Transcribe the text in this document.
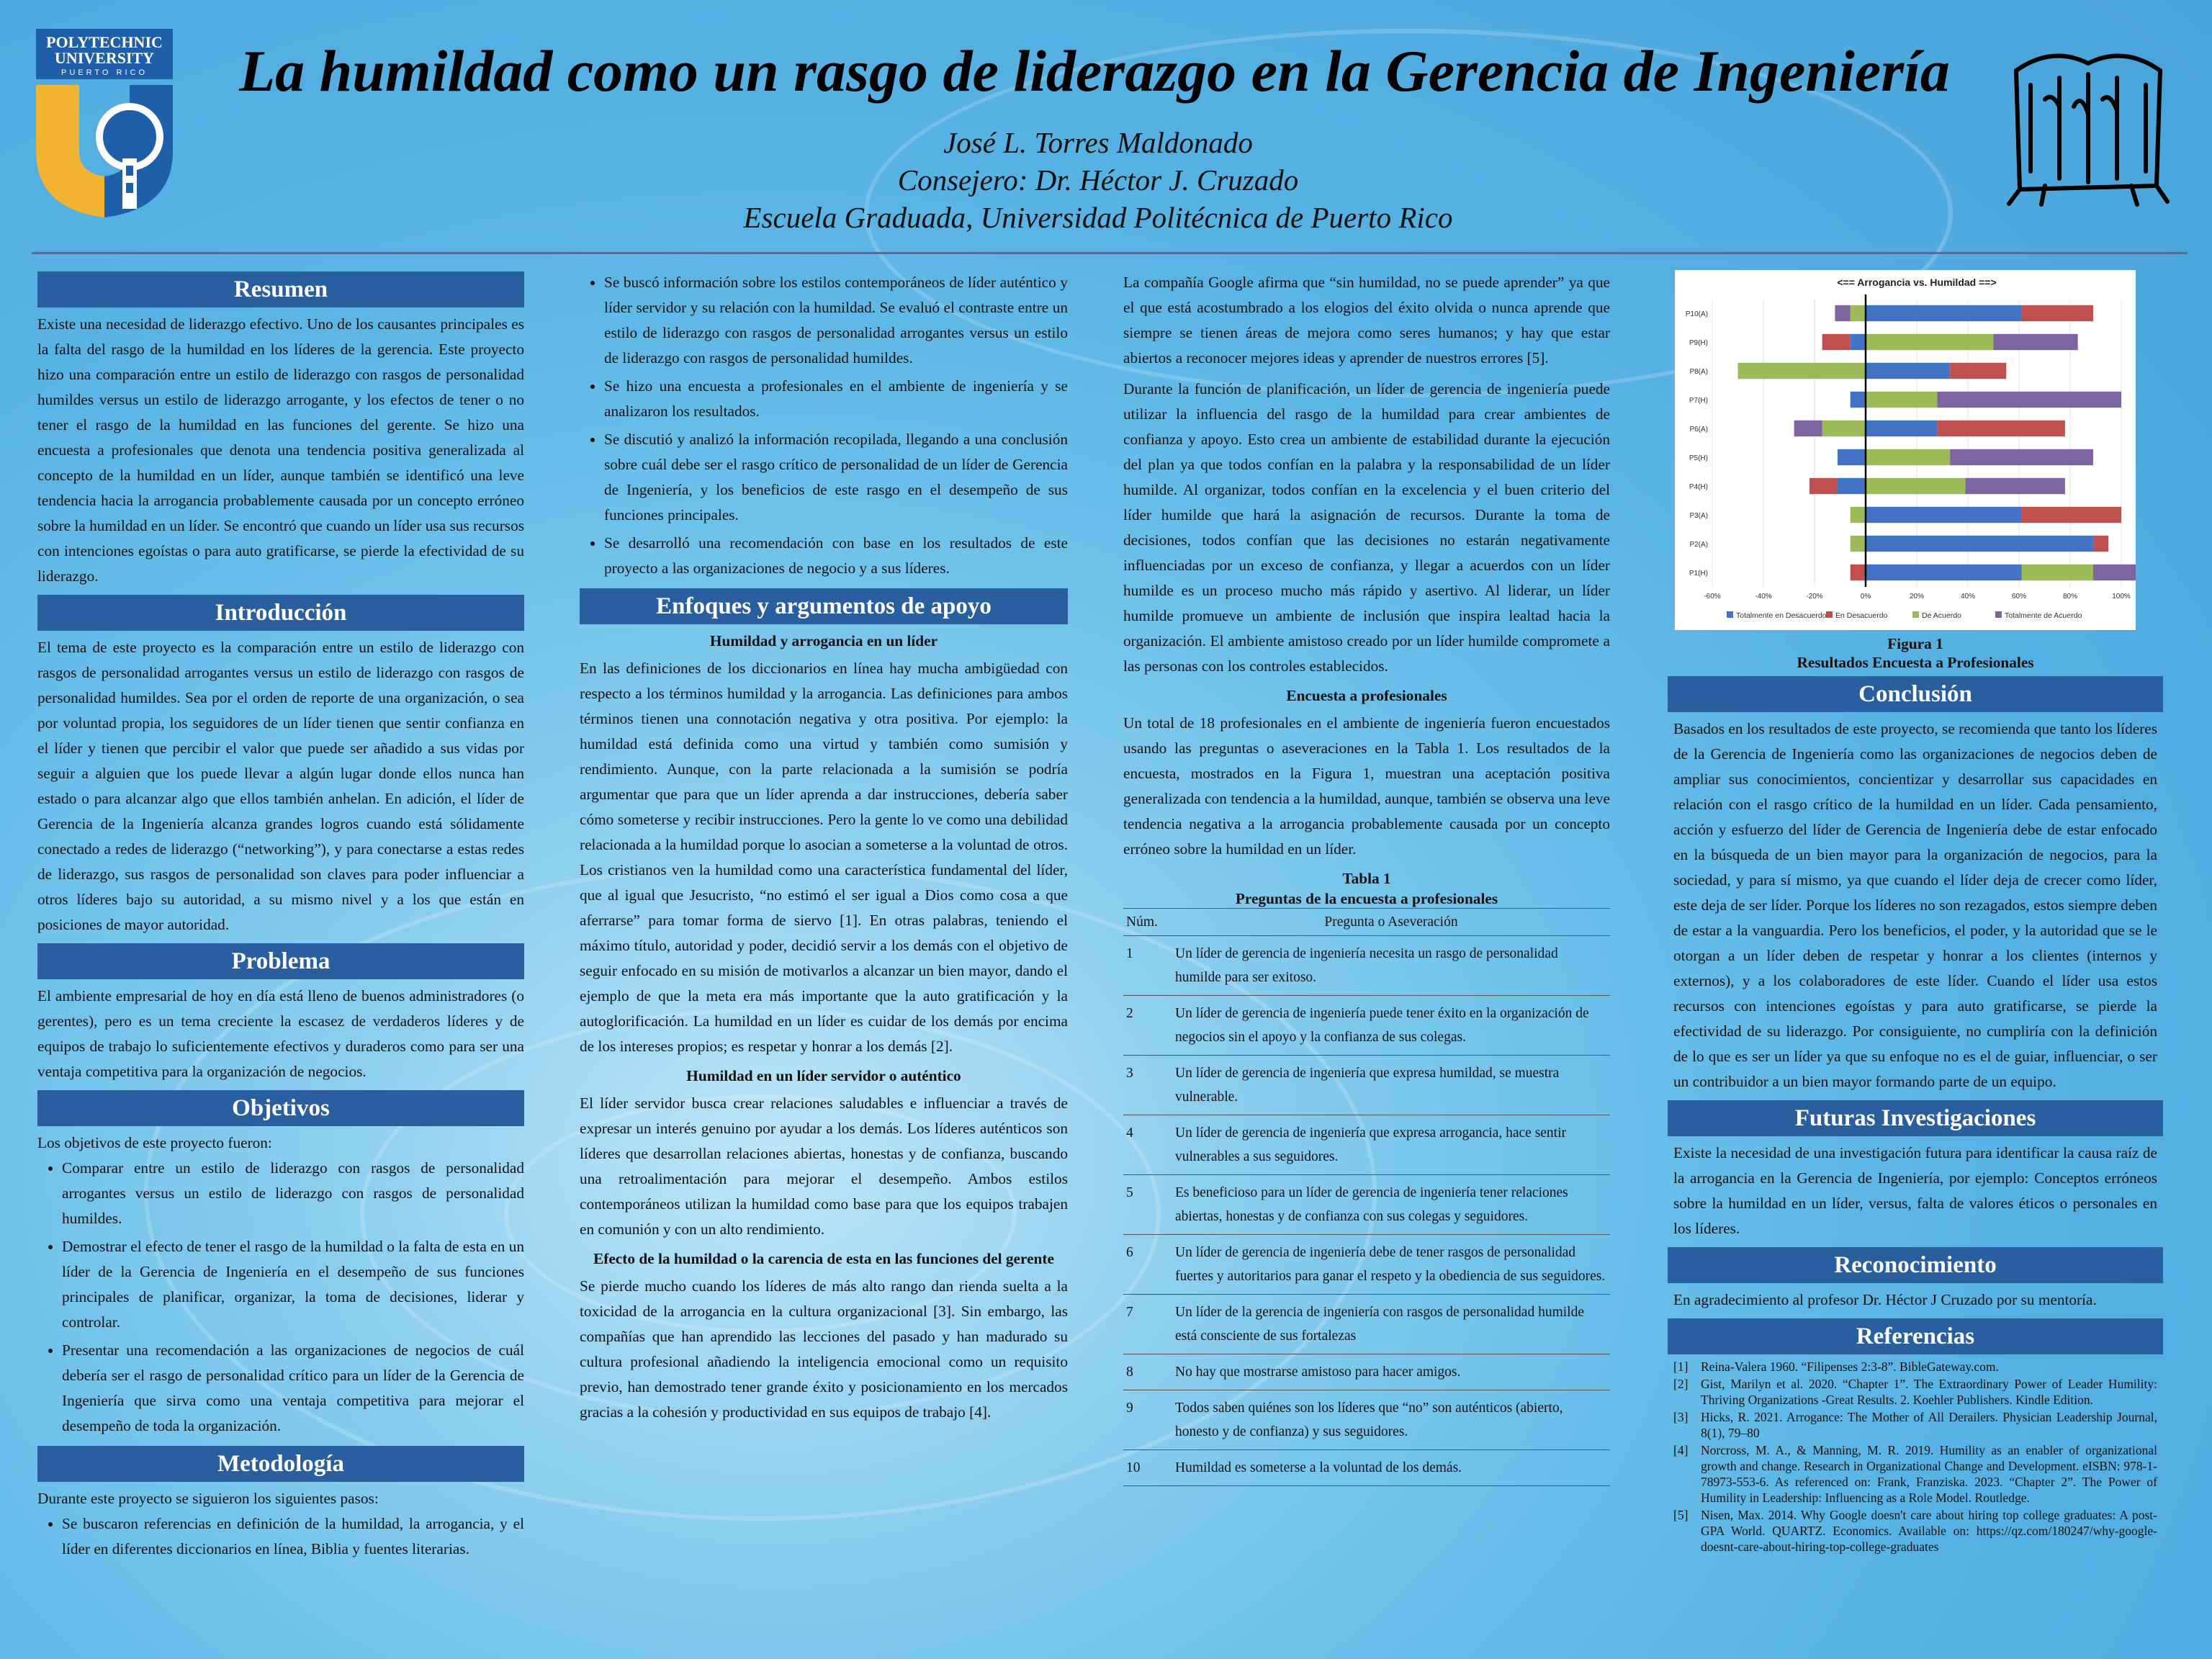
POLYTECHNIC
UNIVERSITY
PUERTO RICO	La humildad como un rasgo de liderazgo en la Gerencia de Ingeniería
José L. Torres Maldonado
Consejero: Dr. Héctor J. Cruzado
Escuela Graduada, Universidad Politécnica de Puerto Rico
Resumen

Existe una necesidad de liderazgo efectivo. Uno de los causantes principales es la falta del rasgo de la humildad en los líderes de la gerencia. Este proyecto hizo una comparación entre un estilo de liderazgo con rasgos de personalidad humildes versus un estilo de liderazgo arrogante, y los efectos de tener o no tener el rasgo de la humildad en las funciones del gerente. Se hizo una encuesta a profesionales que denota una tendencia positiva generalizada al concepto de la humildad en un líder, aunque también se identificó una leve tendencia hacia la arrogancia probablemente causada por un concepto erróneo sobre la humildad en un líder. Se encontró que cuando un líder usa sus recursos con intenciones egoístas o para auto gratificarse, se pierde la efectividad de su liderazgo.

Introducción

El tema de este proyecto es la comparación entre un estilo de liderazgo con rasgos de personalidad arrogantes versus un estilo de liderazgo con rasgos de personalidad humildes. Sea por el orden de reporte de una organización, o sea por voluntad propia, los seguidores de un líder tienen que sentir confianza en el líder y tienen que percibir el valor que puede ser añadido a sus vidas por seguir a alguien que los puede llevar a algún lugar donde ellos nunca han estado o para alcanzar algo que ellos también anhelan. En adición, el líder de Gerencia de la Ingeniería alcanza grandes logros cuando está sólidamente conectado a redes de liderazgo (“networking”), y para conectarse a estas redes de liderazgo, sus rasgos de personalidad son claves para poder influenciar a otros líderes bajo su autoridad, a su mismo nivel y a los que están en posiciones de mayor autoridad.

Problema

El ambiente empresarial de hoy en día está lleno de buenos administradores (o gerentes), pero es un tema creciente la escasez de verdaderos líderes y de equipos de trabajo lo suficientemente efectivos y duraderos como para ser una ventaja competitiva para la organización de negocios.

Objetivos

Los objetivos de este proyecto fueron:

• Comparar entre un estilo de liderazgo con rasgos de personalidad arrogantes versus un estilo de liderazgo con rasgos de personalidad humildes.
• Demostrar el efecto de tener el rasgo de la humildad o la falta de esta en un líder de la Gerencia de Ingeniería en el desempeño de sus funciones principales de planificar, organizar, la toma de decisiones, liderar y controlar.
• Presentar una recomendación a las organizaciones de negocios de cuál debería ser el rasgo de personalidad crítico para un líder de la Gerencia de Ingeniería que sirva como una ventaja competitiva para mejorar el desempeño de toda la organización.
Metodología

Durante este proyecto se siguieron los siguientes pasos:

• Se buscaron referencias en definición de la humildad, la arrogancia, y el líder en diferentes diccionarios en línea, Biblia y fuentes literarias.
• Se buscó información sobre los estilos contemporáneos de líder auténtico y líder servidor y su relación con la humildad. Se evaluó el contraste entre un estilo de liderazgo con rasgos de personalidad arrogantes versus un estilo de liderazgo con rasgos de personalidad humildes.
• Se hizo una encuesta a profesionales en el ambiente de ingeniería y se analizaron los resultados.
• Se discutió y analizó la información recopilada, llegando a una conclusión sobre cuál debe ser el rasgo crítico de personalidad de un líder de Gerencia de Ingeniería, y los beneficios de este rasgo en el desempeño de sus funciones principales.
• Se desarrolló una recomendación con base en los resultados de este proyecto a las organizaciones de negocio y a sus líderes.
Enfoques y argumentos de apoyo
Humildad y arrogancia en un líder

En las definiciones de los diccionarios en línea hay mucha ambigüedad con respecto a los términos humildad y la arrogancia. Las definiciones para ambos términos tienen una connotación negativa y otra positiva. Por ejemplo: la humildad está definida como una virtud y también como sumisión y rendimiento. Aunque, con la parte relacionada a la sumisión se podría argumentar que para que un líder aprenda a dar instrucciones, debería saber cómo someterse y recibir instrucciones. Pero la gente lo ve como una debilidad relacionada a la humildad porque lo asocian a someterse a la voluntad de otros. Los cristianos ven la humildad como una característica fundamental del líder, que al igual que Jesucristo, “no estimó el ser igual a Dios como cosa a que aferrarse” para tomar forma de siervo [1]. En otras palabras, teniendo el máximo título, autoridad y poder, decidió servir a los demás con el objetivo de seguir enfocado en su misión de motivarlos a alcanzar un bien mayor, dando el ejemplo de que la meta era más importante que la auto gratificación y la autoglorificación. La humildad en un líder es cuidar de los demás por encima de los intereses propios; es respetar y honrar a los demás [2].

Humildad en un líder servidor o auténtico

El líder servidor busca crear relaciones saludables e influenciar a través de expresar un interés genuino por ayudar a los demás. Los líderes auténticos son líderes que desarrollan relaciones abiertas, honestas y de confianza, buscando una retroalimentación para mejorar el desempeño. Ambos estilos contemporáneos utilizan la humildad como base para que los equipos trabajen en comunión y con un alto rendimiento.

Efecto de la humildad o la carencia de esta en las funciones del gerente

Se pierde mucho cuando los líderes de más alto rango dan rienda suelta a la toxicidad de la arrogancia en la cultura organizacional [3]. Sin embargo, las compañías que han aprendido las lecciones del pasado y han madurado su cultura profesional añadiendo la inteligencia emocional como un requisito previo, han demostrado tener grande éxito y posicionamiento en los mercados gracias a la cohesión y productividad en sus equipos de trabajo [4].

La compañía Google afirma que “sin humildad, no se puede aprender” ya que el que está acostumbrado a los elogios del éxito olvida o nunca aprende que siempre se tienen áreas de mejora como seres humanos; y hay que estar abiertos a reconocer mejores ideas y aprender de nuestros errores [5].

Durante la función de planificación, un líder de gerencia de ingeniería puede utilizar la influencia del rasgo de la humildad para crear ambientes de confianza y apoyo. Esto crea un ambiente de estabilidad durante la ejecución del plan ya que todos confían en la palabra y la responsabilidad de un líder humilde. Al organizar, todos confían en la excelencia y el buen criterio del líder humilde que hará la asignación de recursos. Durante la toma de decisiones, todos confían que las decisiones no estarán negativamente influenciadas por un exceso de confianza, y llegar a acuerdos con un líder humilde es un proceso mucho más rápido y asertivo. Al liderar, un líder humilde promueve un ambiente de inclusión que inspira lealtad hacia la organización. El ambiente amistoso creado por un líder humilde compromete a las personas con los controles establecidos.

Encuesta a profesionales

Un total de 18 profesionales en el ambiente de ingeniería fueron encuestados usando las preguntas o aseveraciones en la Tabla 1. Los resultados de la encuesta, mostrados en la Figura 1, muestran una aceptación positiva generalizada con tendencia a la humildad, aunque, también se observa una leve tendencia negativa a la arrogancia probablemente causada por un concepto erróneo sobre la humildad en un líder.

Tabla 1
Preguntas de la encuesta a profesionales
Núm.	Pregunta o Aseveración
1	Un líder de gerencia de ingeniería necesita un rasgo de personalidad humilde para ser exitoso.
2	Un líder de gerencia de ingeniería puede tener éxito en la organización de negocios sin el apoyo y la confianza de sus colegas.
3	Un líder de gerencia de ingeniería que expresa humildad, se muestra vulnerable.
4	Un líder de gerencia de ingeniería que expresa arrogancia, hace sentir vulnerables a sus seguidores.
5	Es beneficioso para un líder de gerencia de ingeniería tener relaciones abiertas, honestas y de confianza con sus colegas y seguidores.
6	Un líder de gerencia de ingeniería debe de tener rasgos de personalidad fuertes y autoritarios para ganar el respeto y la obediencia de sus seguidores.
7	Un líder de la gerencia de ingeniería con rasgos de personalidad humilde está consciente de sus fortalezas
8	No hay que mostrarse amistoso para hacer amigos.
9	Todos saben quiénes son los líderes que “no” son auténticos (abierto, honesto y de confianza) y sus seguidores.
10	Humildad es someterse a la voluntad de los demás.
<== Arrogancia vs. Humildad ==>
-60%	-40%	-20%	0%	20%	40%	60%	80%	100%
P10(A)
P9(H)
P8(A)
P7(H)
P6(A)
P5(H)
P4(H)
P3(A)
P2(A)
P1(H)
Totalmente en Desacuerdo En Desacuerdo	De Acuerdo	Totalmente de Acuerdo
Figura 1
Resultados Encuesta a Profesionales
Conclusión

Basados en los resultados de este proyecto, se recomienda que tanto los líderes de la Gerencia de Ingeniería como las organizaciones de negocios deben de ampliar sus conocimientos, concientizar y desarrollar sus capacidades en relación con el rasgo crítico de la humildad en un líder. Cada pensamiento, acción y esfuerzo del líder de Gerencia de Ingeniería debe de estar enfocado en la búsqueda de un bien mayor para la organización de negocios, para la sociedad, y para sí mismo, ya que cuando el líder deja de crecer como líder, este deja de ser líder. Porque los líderes no son rezagados, estos siempre deben de estar a la vanguardia. Pero los beneficios, el poder, y la autoridad que se le otorgan a un líder deben de respetar y honrar a los clientes (internos y externos), y a los colaboradores de este líder. Cuando el líder usa estos recursos con intenciones egoístas y para auto gratificarse, se pierde la efectividad de su liderazgo. Por consiguiente, no cumpliría con la definición de lo que es ser un líder ya que su enfoque no es el de guiar, influenciar, o ser un contribuidor a un bien mayor formando parte de un equipo.

Futuras Investigaciones

Existe la necesidad de una investigación futura para identificar la causa raíz de la arrogancia en la Gerencia de Ingeniería, por ejemplo: Conceptos erróneos sobre la humildad en un líder, versus, falta de valores éticos o personales en los líderes.

Reconocimiento

En agradecimiento al profesor Dr. Héctor J Cruzado por su mentoría.

Referencias
[1]	Reina-Valera 1960. “Filipenses 2:3-8”. BibleGateway.com.
[2]	Gist, Marilyn et al. 2020. “Chapter 1”. The Extraordinary Power of Leader Humility: Thriving Organizations -Great Results. 2. Koehler Publishers. Kindle Edition.
[3]	Hicks, R. 2021. Arrogance: The Mother of All Derailers. Physician Leadership Journal, 8(1), 79–80
[4]	Norcross, M. A., & Manning, M. R. 2019. Humility as an enabler of organizational growth and change. Research in Organizational Change and Development. eISBN: 978-1-78973-553-6. As referenced on: Frank, Franziska. 2023. “Chapter 2”. The Power of Humility in Leadership: Influencing as a Role Model. Routledge.
[5]	Nisen, Max. 2014. Why Google doesn't care about hiring top college graduates: A post-GPA World. QUARTZ. Economics. Available on: https://qz.com/180247/why-google-doesnt-care-about-hiring-top-college-graduates
